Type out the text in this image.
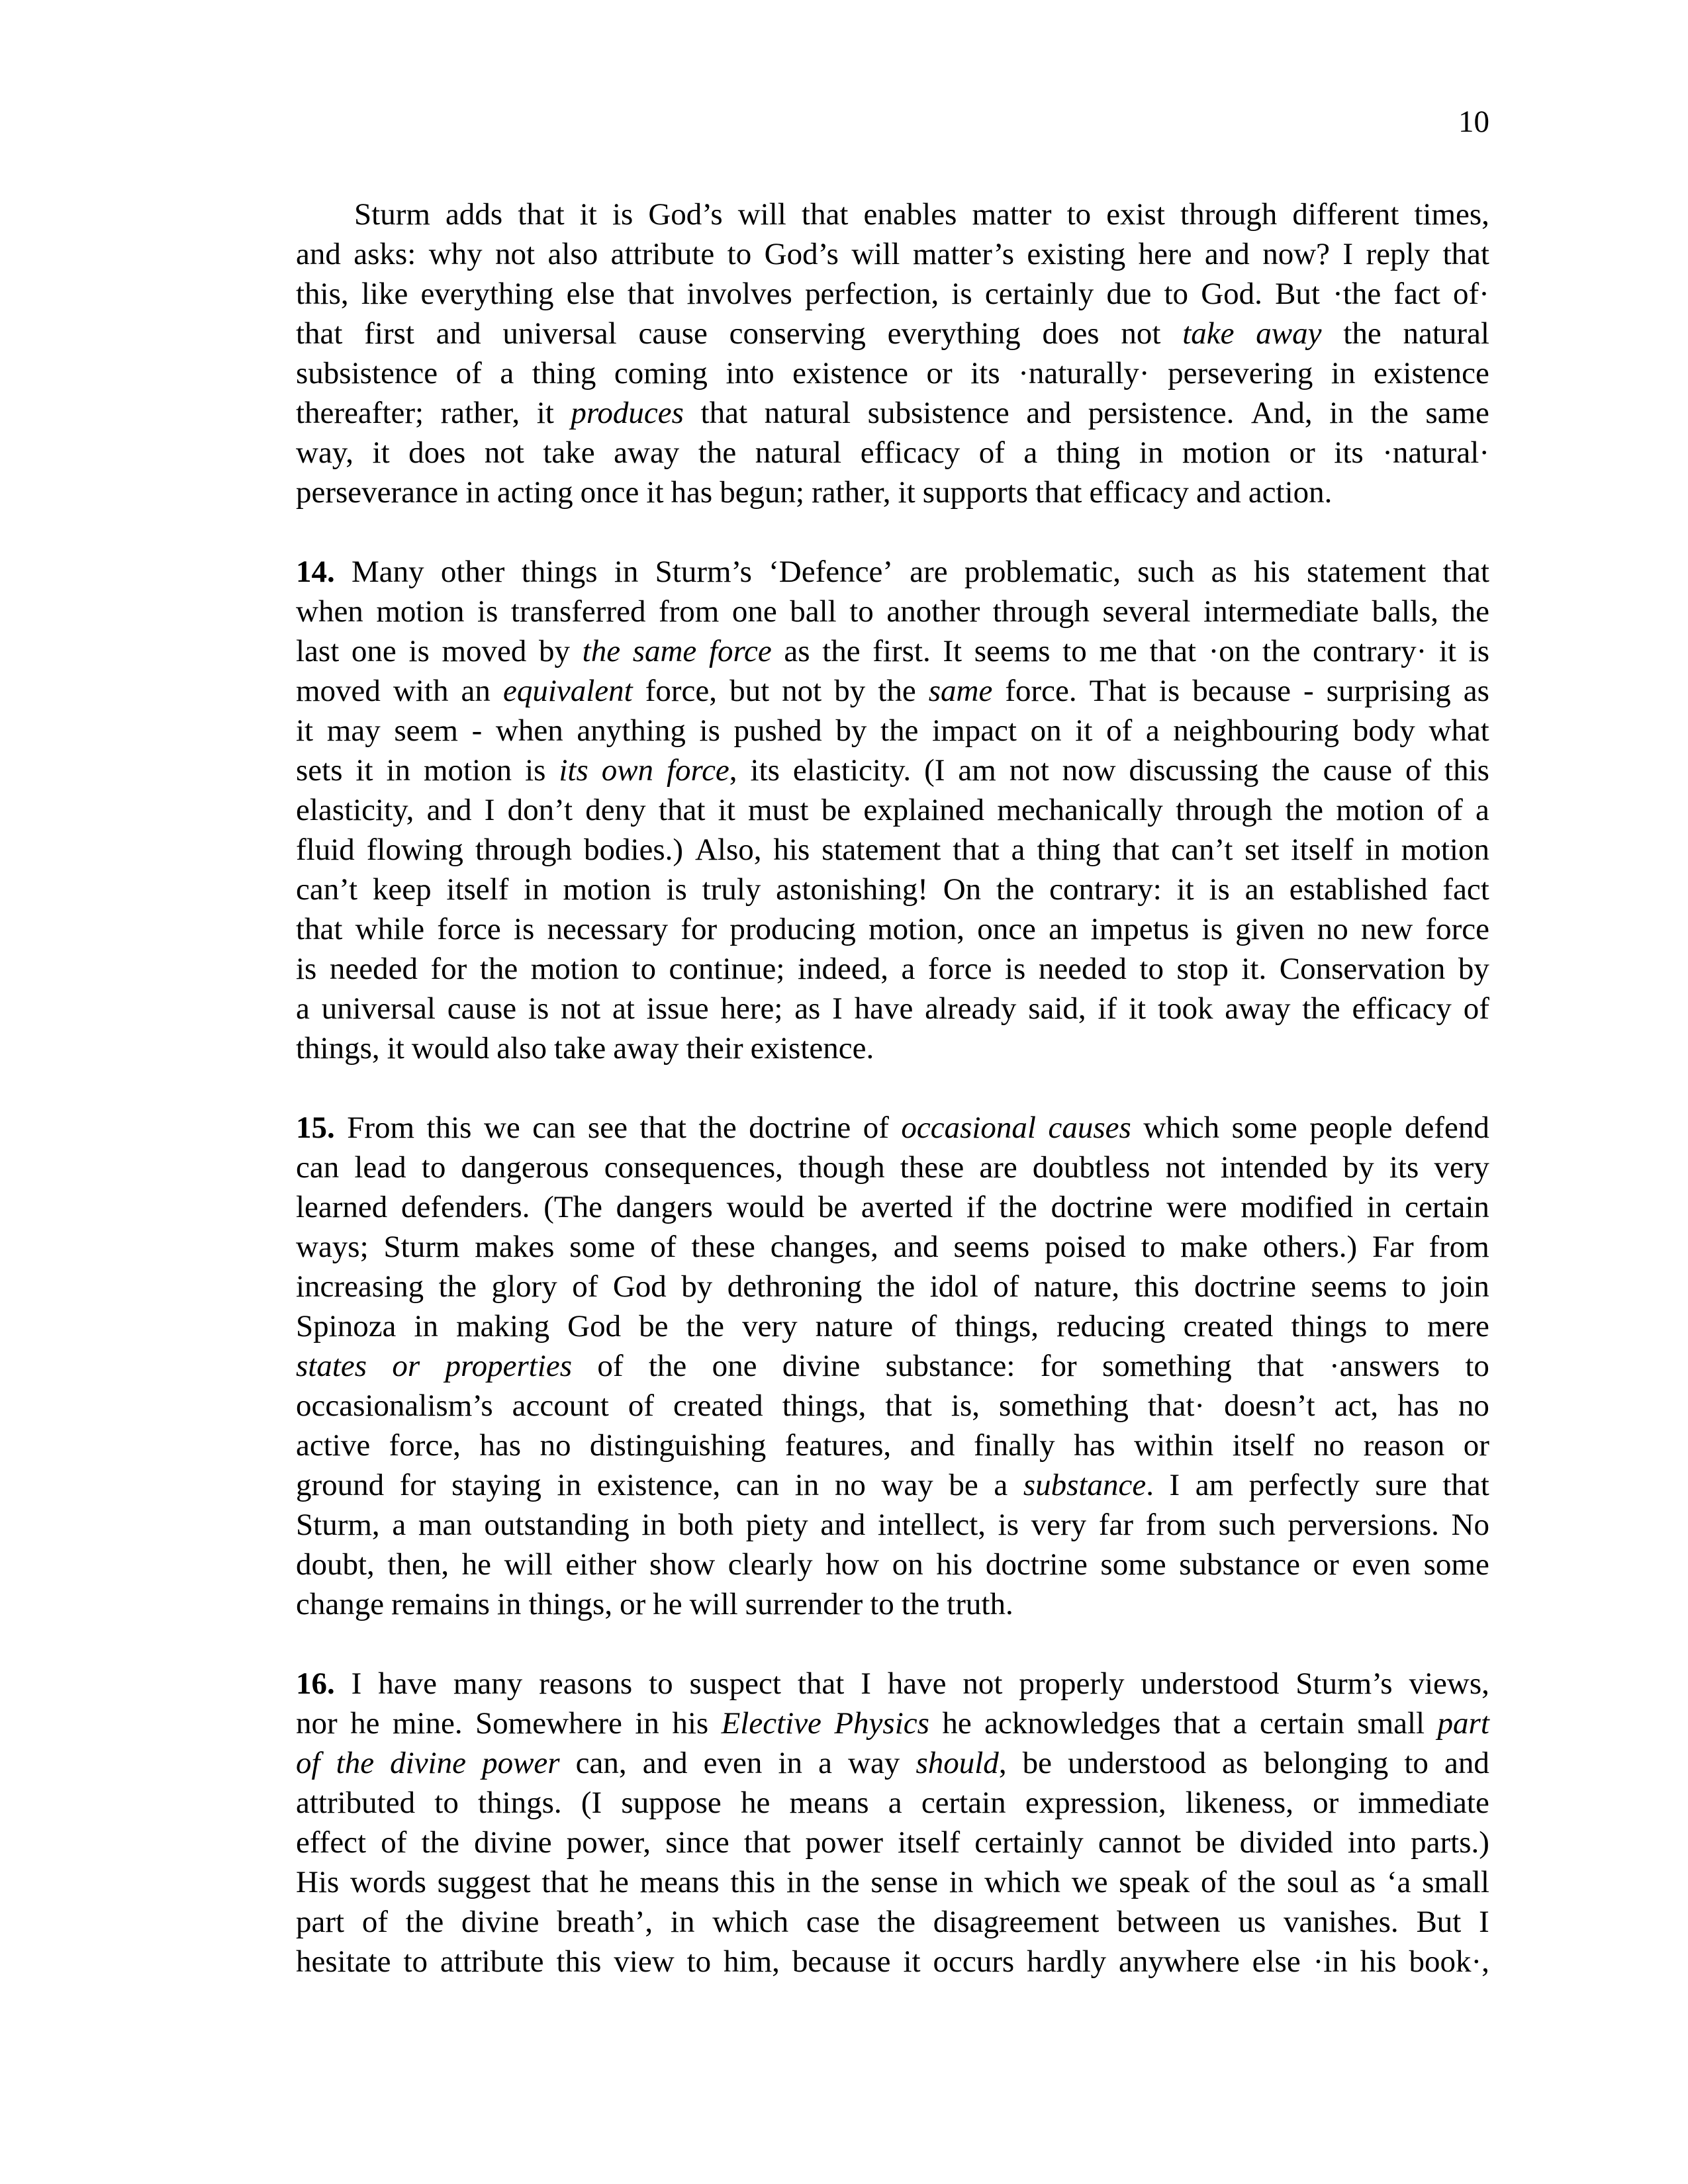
10
Sturm adds that it is God’s will that enables matter to exist through different times,
and asks: why not also attribute to God’s will matter’s existing here and now? I reply that
this, like everything else that involves perfection, is certainly due to God. But ·the fact of·
that first and universal cause conserving everything does not take away the natural
subsistence of a thing coming into existence or its ·naturally· persevering in existence
thereafter; rather, it produces that natural subsistence and persistence. And, in the same
way, it does not take away the natural efficacy of a thing in motion or its ·natural·
perseverance in acting once it has begun; rather, it supports that efficacy and action.
14. Many other things in Sturm’s ‘Defence’ are problematic, such as his statement that
when motion is transferred from one ball to another through several intermediate balls, the
last one is moved by the same force as the first. It seems to me that ·on the contrary· it is
moved with an equivalent force, but not by the same force. That is because - surprising as
it may seem - when anything is pushed by the impact on it of a neighbouring body what
sets it in motion is its own force, its elasticity. (I am not now discussing the cause of this
elasticity, and I don’t deny that it must be explained mechanically through the motion of a
fluid flowing through bodies.) Also, his statement that a thing that can’t set itself in motion
can’t keep itself in motion is truly astonishing! On the contrary: it is an established fact
that while force is necessary for producing motion, once an impetus is given no new force
is needed for the motion to continue; indeed, a force is needed to stop it. Conservation by
a universal cause is not at issue here; as I have already said, if it took away the efficacy of
things, it would also take away their existence.
15. From this we can see that the doctrine of occasional causes which some people defend
can lead to dangerous consequences, though these are doubtless not intended by its very
learned defenders. (The dangers would be averted if the doctrine were modified in certain
ways; Sturm makes some of these changes, and seems poised to make others.) Far from
increasing the glory of God by dethroning the idol of nature, this doctrine seems to join
Spinoza in making God be the very nature of things, reducing created things to mere
states or properties of the one divine substance: for something that ·answers to
occasionalism’s account of created things, that is, something that· doesn’t act, has no
active force, has no distinguishing features, and finally has within itself no reason or
ground for staying in existence, can in no way be a substance. I am perfectly sure that
Sturm, a man outstanding in both piety and intellect, is very far from such perversions. No
doubt, then, he will either show clearly how on his doctrine some substance or even some
change remains in things, or he will surrender to the truth.
16. I have many reasons to suspect that I have not properly understood Sturm’s views,
nor he mine. Somewhere in his Elective Physics he acknowledges that a certain small part
of the divine power can, and even in a way should, be understood as belonging to and
attributed to things. (I suppose he means a certain expression, likeness, or immediate
effect of the divine power, since that power itself certainly cannot be divided into parts.)
His words suggest that he means this in the sense in which we speak of the soul as ‘a small
part of the divine breath’, in which case the disagreement between us vanishes. But I
hesitate to attribute this view to him, because it occurs hardly anywhere else ·in his book·,
